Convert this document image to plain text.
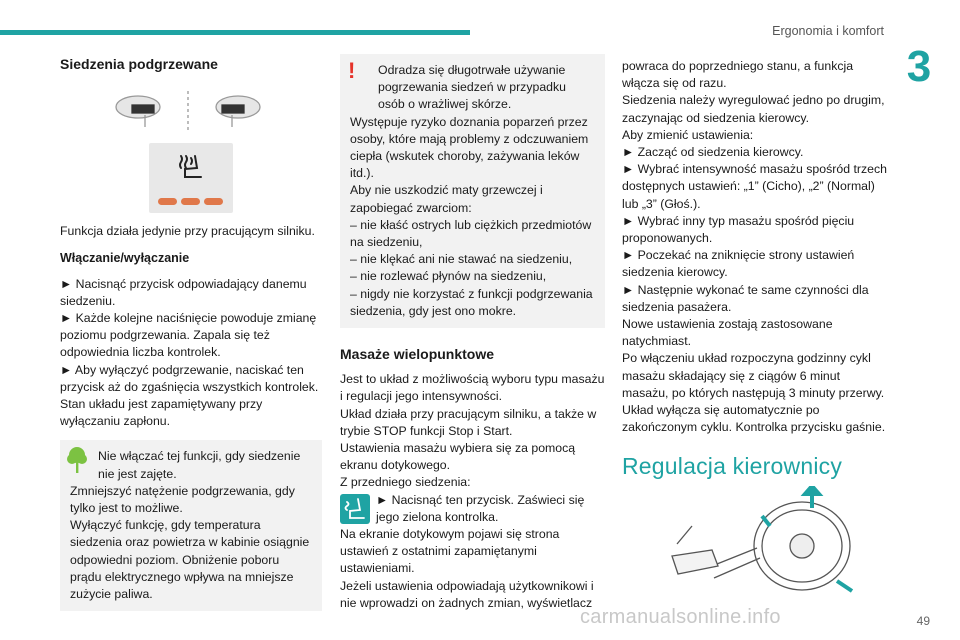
Ergonomia i komfort
3
Siedzenia podgrzewane

Funkcja działa jedynie przy pracującym silniku.

Włączanie/wyłączanie

► Nacisnąć przycisk odpowiadający danemu siedzeniu.

► Każde kolejne naciśnięcie powoduje zmianę poziomu podgrzewania. Zapala się też odpowiednia liczba kontrolek.

► Aby wyłączyć podgrzewanie, naciskać ten przycisk aż do zgaśnięcia wszystkich kontrolek.

Stan układu jest zapamiętywany przy wyłączaniu zapłonu.

Nie włączać tej funkcji, gdy siedzenie nie jest zajęte.

Zmniejszyć natężenie podgrzewania, gdy tylko jest to możliwe.

Wyłączyć funkcję, gdy temperatura siedzenia oraz powietrza w kabinie osiągnie odpowiedni poziom. Obniżenie poboru prądu elektrycznego wpływa na mniejsze zużycie paliwa.

!	Odradza się długotrwałe używanie pogrzewania siedzeń w przypadku osób o wrażliwej skórze.

Występuje ryzyko doznania poparzeń przez osoby, które mają problemy z odczuwaniem ciepła (wskutek choroby, zażywania leków itd.).

Aby nie uszkodzić maty grzewczej i zapobiegać zwarciom:

– nie kłaść ostrych lub ciężkich przedmiotów na siedzeniu,

– nie klękać ani nie stawać na siedzeniu,

– nie rozlewać płynów na siedzeniu,

– nigdy nie korzystać z funkcji podgrzewania siedzenia, gdy jest ono mokre.

Masaże wielopunktowe

Jest to układ z możliwością wyboru typu masażu i regulacji jego intensywności.

Układ działa przy pracującym silniku, a także w trybie STOP funkcji Stop i Start.

Ustawienia masażu wybiera się za pomocą ekranu dotykowego.

Z przedniego siedzenia:

► Nacisnąć ten przycisk. Zaświeci się jego zielona kontrolka.

Na ekranie dotykowym pojawi się strona ustawień z ostatnimi zapamiętanymi ustawieniami.

Jeżeli ustawienia odpowiadają użytkownikowi i nie wprowadzi on żadnych zmian, wyświetlacz

powraca do poprzedniego stanu, a funkcja włącza się od razu.

Siedzenia należy wyregulować jedno po drugim, zaczynając od siedzenia kierowcy.

Aby zmienić ustawienia:

► Zacząć od siedzenia kierowcy.

► Wybrać intensywność masażu spośród trzech dostępnych ustawień: „1” (Cicho), „2” (Normal) lub „3” (Głoś.).

► Wybrać inny typ masażu spośród pięciu proponowanych.

► Poczekać na zniknięcie strony ustawień siedzenia kierowcy.

► Następnie wykonać te same czynności dla siedzenia pasażera.

Nowe ustawienia zostają zastosowane natychmiast.

Po włączeniu układ rozpoczyna godzinny cykl masażu składający się z ciągów 6 minut masażu, po których następują 3 minuty przerwy.

Układ wyłącza się automatycznie po zakończonym cyklu. Kontrolka przycisku gaśnie.

Regulacja kierownicy
carmanualsonline.info	49
